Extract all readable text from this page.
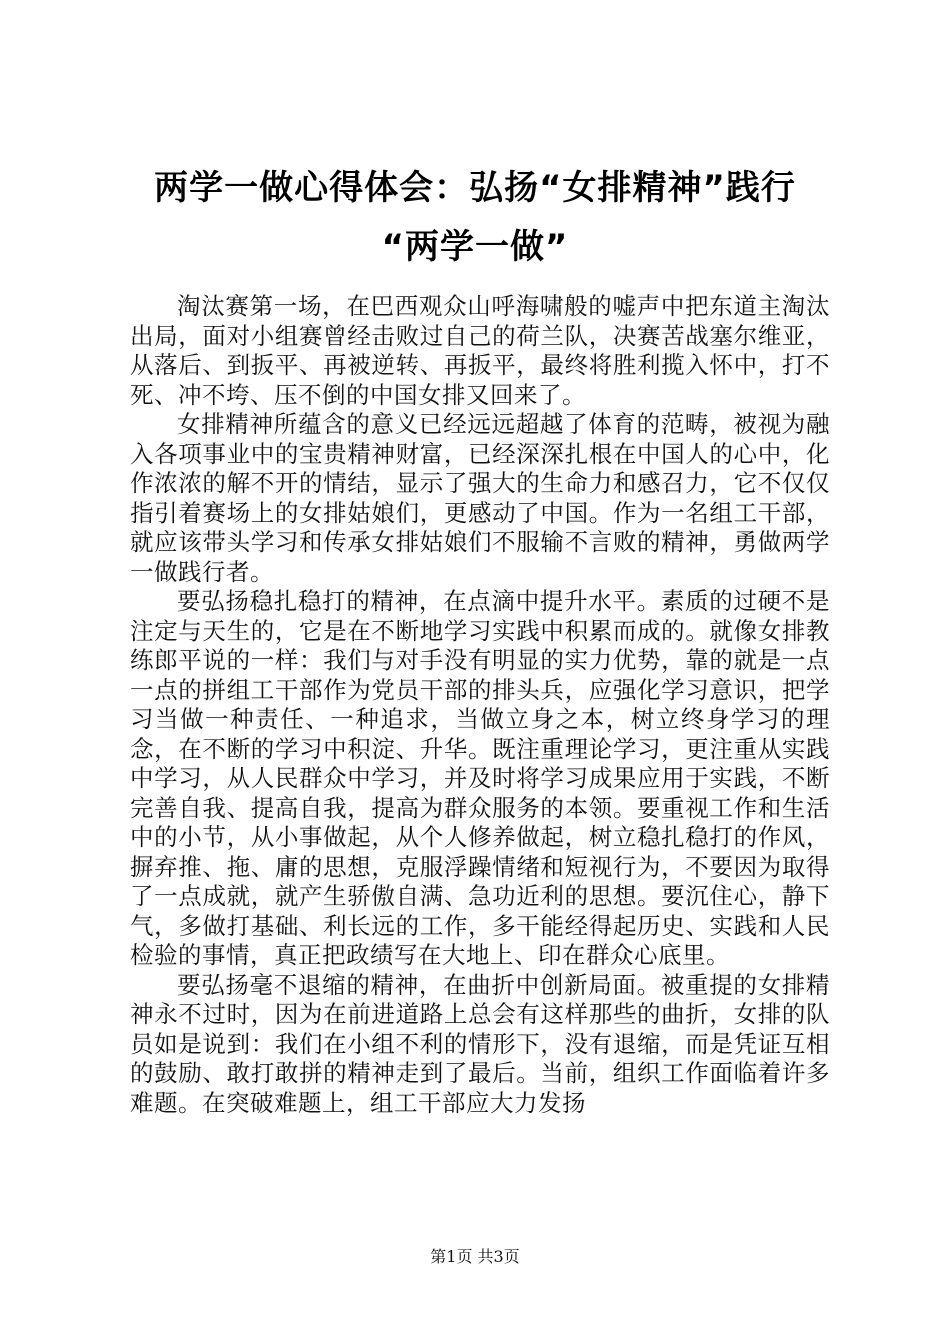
两学一做心得体会：弘扬“女排精神”践行
“两学一做”

淘汰赛第一场，在巴西观众山呼海啸般的嘘声中把东道主淘汰出局，面对小组赛曾经击败过自己的荷兰队，决赛苦战塞尔维亚，从落后、到扳平、再被逆转、再扳平，最终将胜利揽入怀中，打不死、冲不垮、压不倒的中国女排又回来了。

女排精神所蕴含的意义已经远远超越了体育的范畴，被视为融入各项事业中的宝贵精神财富，已经深深扎根在中国人的心中，化作浓浓的解不开的情结，显示了强大的生命力和感召力，它不仅仅指引着赛场上的女排姑娘们，更感动了中国。作为一名组工干部，就应该带头学习和传承女排姑娘们不服输不言败的精神，勇做两学一做践行者。

要弘扬稳扎稳打的精神，在点滴中提升水平。素质的过硬不是注定与天生的，它是在不断地学习实践中积累而成的。就像女排教练郎平说的一样：我们与对手没有明显的实力优势，靠的就是一点一点的拼组工干部作为党员干部的排头兵，应强化学习意识，把学习当做一种责任、一种追求，当做立身之本，树立终身学习的理念，在不断的学习中积淀、升华。既注重理论学习，更注重从实践中学习，从人民群众中学习，并及时将学习成果应用于实践，不断完善自我、提高自我，提高为群众服务的本领。要重视工作和生活中的小节，从小事做起，从个人修养做起，树立稳扎稳打的作风，摒弃推、拖、庸的思想，克服浮躁情绪和短视行为，不要因为取得了一点成就，就产生骄傲自满、急功近利的思想。要沉住心，静下气，多做打基础、利长远的工作，多干能经得起历史、实践和人民检验的事情，真正把政绩写在大地上、印在群众心底里。

要弘扬毫不退缩的精神，在曲折中创新局面。被重提的女排精神永不过时，因为在前进道路上总会有这样那些的曲折，女排的队员如是说到：我们在小组不利的情形下，没有退缩，而是凭证互相的鼓励、敢打敢拼的精神走到了最后。当前，组织工作面临着许多难题。在突破难题上，组工干部应大力发扬

第1页 共3页
